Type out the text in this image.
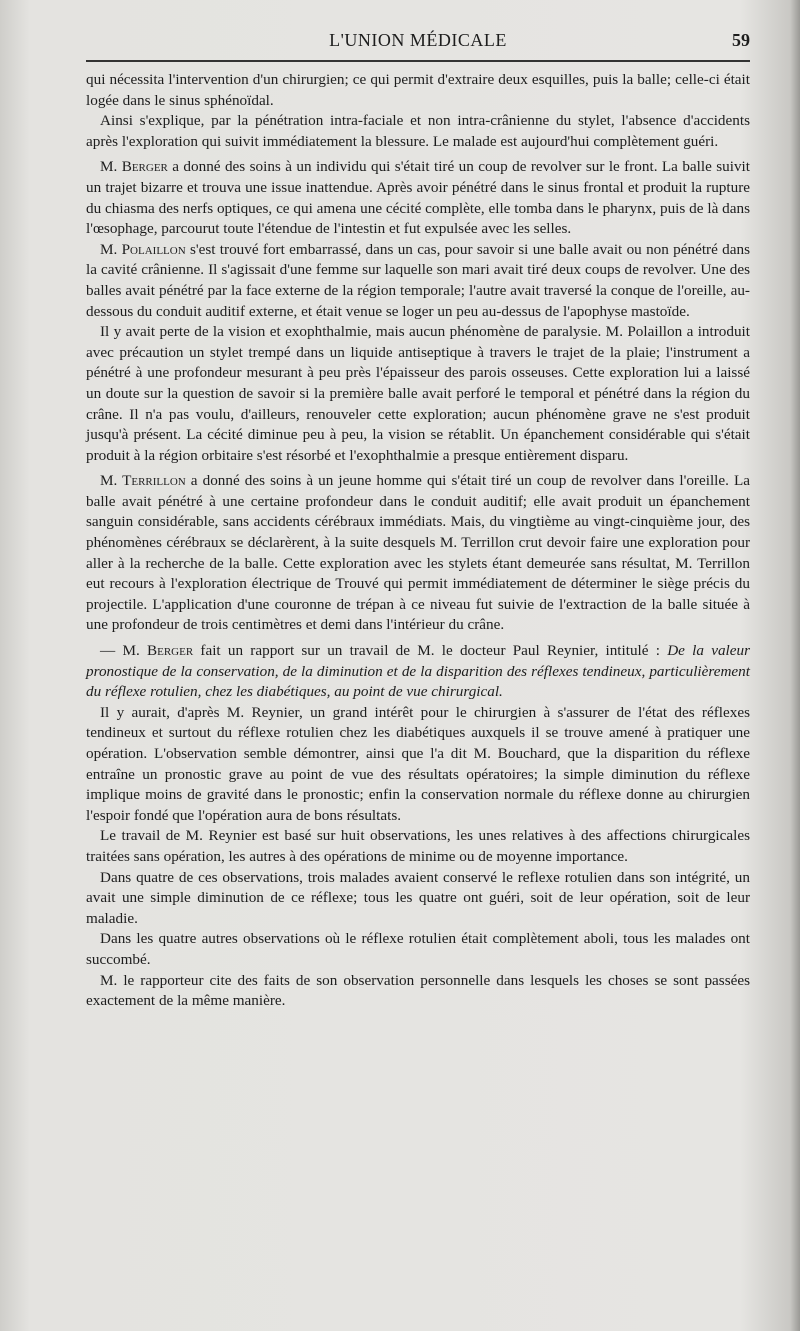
L'UNION MÉDICALE	59

qui nécessita l'intervention d'un chirurgien; ce qui permit d'extraire deux esquilles, puis la balle; celle-ci était logée dans le sinus sphénoïdal.

Ainsi s'explique, par la pénétration intra-faciale et non intra-crânienne du stylet, l'absence d'accidents après l'exploration qui suivit immédiatement la blessure. Le malade est aujourd'hui complètement guéri.

M. Berger a donné des soins à un individu qui s'était tiré un coup de revolver sur le front. La balle suivit un trajet bizarre et trouva une issue inattendue. Après avoir pénétré dans le sinus frontal et produit la rupture du chiasma des nerfs optiques, ce qui amena une cécité complète, elle tomba dans le pharynx, puis de là dans l'œsophage, parcourut toute l'étendue de l'intestin et fut expulsée avec les selles.

M. Polaillon s'est trouvé fort embarrassé, dans un cas, pour savoir si une balle avait ou non pénétré dans la cavité crânienne. Il s'agissait d'une femme sur laquelle son mari avait tiré deux coups de revolver. Une des balles avait pénétré par la face externe de la région temporale; l'autre avait traversé la conque de l'oreille, au-dessous du conduit auditif externe, et était venue se loger un peu au-dessus de l'apophyse mastoïde.

Il y avait perte de la vision et exophthalmie, mais aucun phénomène de paralysie. M. Polaillon a introduit avec précaution un stylet trempé dans un liquide antiseptique à travers le trajet de la plaie; l'instrument a pénétré à une profondeur mesurant à peu près l'épaisseur des parois osseuses. Cette exploration lui a laissé un doute sur la question de savoir si la première balle avait perforé le temporal et pénétré dans la région du crâne. Il n'a pas voulu, d'ailleurs, renouveler cette exploration; aucun phénomène grave ne s'est produit jusqu'à présent. La cécité diminue peu à peu, la vision se rétablit. Un épanchement considérable qui s'était produit à la région orbitaire s'est résorbé et l'exophthalmie a presque entièrement disparu.

M. Terrillon a donné des soins à un jeune homme qui s'était tiré un coup de revolver dans l'oreille. La balle avait pénétré à une certaine profondeur dans le conduit auditif; elle avait produit un épanchement sanguin considérable, sans accidents cérébraux immédiats. Mais, du vingtième au vingt-cinquième jour, des phénomènes cérébraux se déclarèrent, à la suite desquels M. Terrillon crut devoir faire une exploration pour aller à la recherche de la balle. Cette exploration avec les stylets étant demeurée sans résultat, M. Terrillon eut recours à l'exploration électrique de Trouvé qui permit immédiatement de déterminer le siège précis du projectile. L'application d'une couronne de trépan à ce niveau fut suivie de l'extraction de la balle située à une profondeur de trois centimètres et demi dans l'intérieur du crâne.

— M. Berger fait un rapport sur un travail de M. le docteur Paul Reynier, intitulé : De la valeur pronostique de la conservation, de la diminution et de la disparition des réflexes tendineux, particulièrement du réflexe rotulien, chez les diabétiques, au point de vue chirurgical.

Il y aurait, d'après M. Reynier, un grand intérêt pour le chirurgien à s'assurer de l'état des réflexes tendineux et surtout du réflexe rotulien chez les diabétiques auxquels il se trouve amené à pratiquer une opération. L'observation semble démontrer, ainsi que l'a dit M. Bouchard, que la disparition du réflexe entraîne un pronostic grave au point de vue des résultats opératoires; la simple diminution du réflexe implique moins de gravité dans le pronostic; enfin la conservation normale du réflexe donne au chirurgien l'espoir fondé que l'opération aura de bons résultats.

Le travail de M. Reynier est basé sur huit observations, les unes relatives à des affections chirurgicales traitées sans opération, les autres à des opérations de minime ou de moyenne importance.

Dans quatre de ces observations, trois malades avaient conservé le reflexe rotulien dans son intégrité, un avait une simple diminution de ce réflexe; tous les quatre ont guéri, soit de leur opération, soit de leur maladie.

Dans les quatre autres observations où le réflexe rotulien était complètement aboli, tous les malades ont succombé.

M. le rapporteur cite des faits de son observation personnelle dans lesquels les choses se sont passées exactement de la même manière.
